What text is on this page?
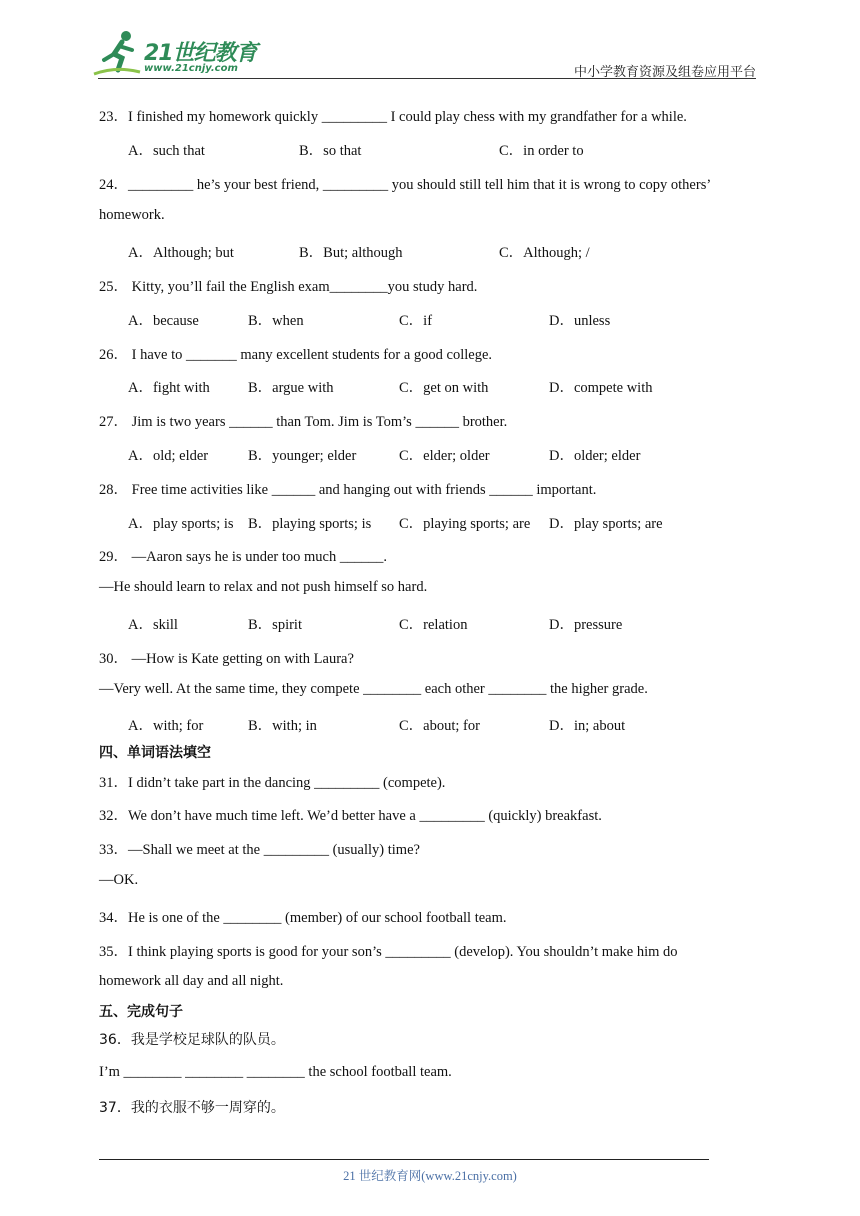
21世纪教育
www.21cnjy.com	中小学教育资源及组卷应用平台
23．I finished my homework quickly _________ I could play chess with my grandfather for a while.
A．such that	B．so that	C．in order to
24．_________ he’s your best friend, _________ you should still tell him that it is wrong to copy others’
homework.
A．Although; but	B．But; although	C．Although; /
25． Kitty, you’ll fail the English exam________you study hard.
A．because	B．when	C．if	D．unless
26． I have to _______ many excellent students for a good college.
A．fight with	B．argue with	C．get on with	D．compete with
27． Jim is two years ______ than Tom. Jim is Tom’s ______ brother.
A．old; elder	B．younger; elder	C．elder; older	D．older; elder
28． Free time activities like ______ and hanging out with friends ______ important.
A．play sports; is B．playing sports; is C．playing sports; are D．play sports; are
29． —Aaron says he is under too much ______.
—He should learn to relax and not push himself so hard.
A．skill	B．spirit	C．relation	D．pressure
30． —How is Kate getting on with Laura?
—Very well. At the same time, they compete ________ each other ________ the higher grade.
A．with; for	B．with; in	C．about; for	D．in; about
四、单词语法填空
31．I didn’t take part in the dancing _________ (compete).
32．We don’t have much time left. We’d better have a _________ (quickly) breakfast.
33．—Shall we meet at the _________ (usually) time?
—OK.
34．He is one of the ________ (member) of our school football team.
35．I think playing sports is good for your son’s _________ (develop). You shouldn’t make him do
homework all day and all night.
五、完成句子
36．我是学校足球队的队员。
I’m ________ ________ ________ the school football team.
37．我的衣服不够一周穿的。
21 世纪教育网(www.21cnjy.com)
